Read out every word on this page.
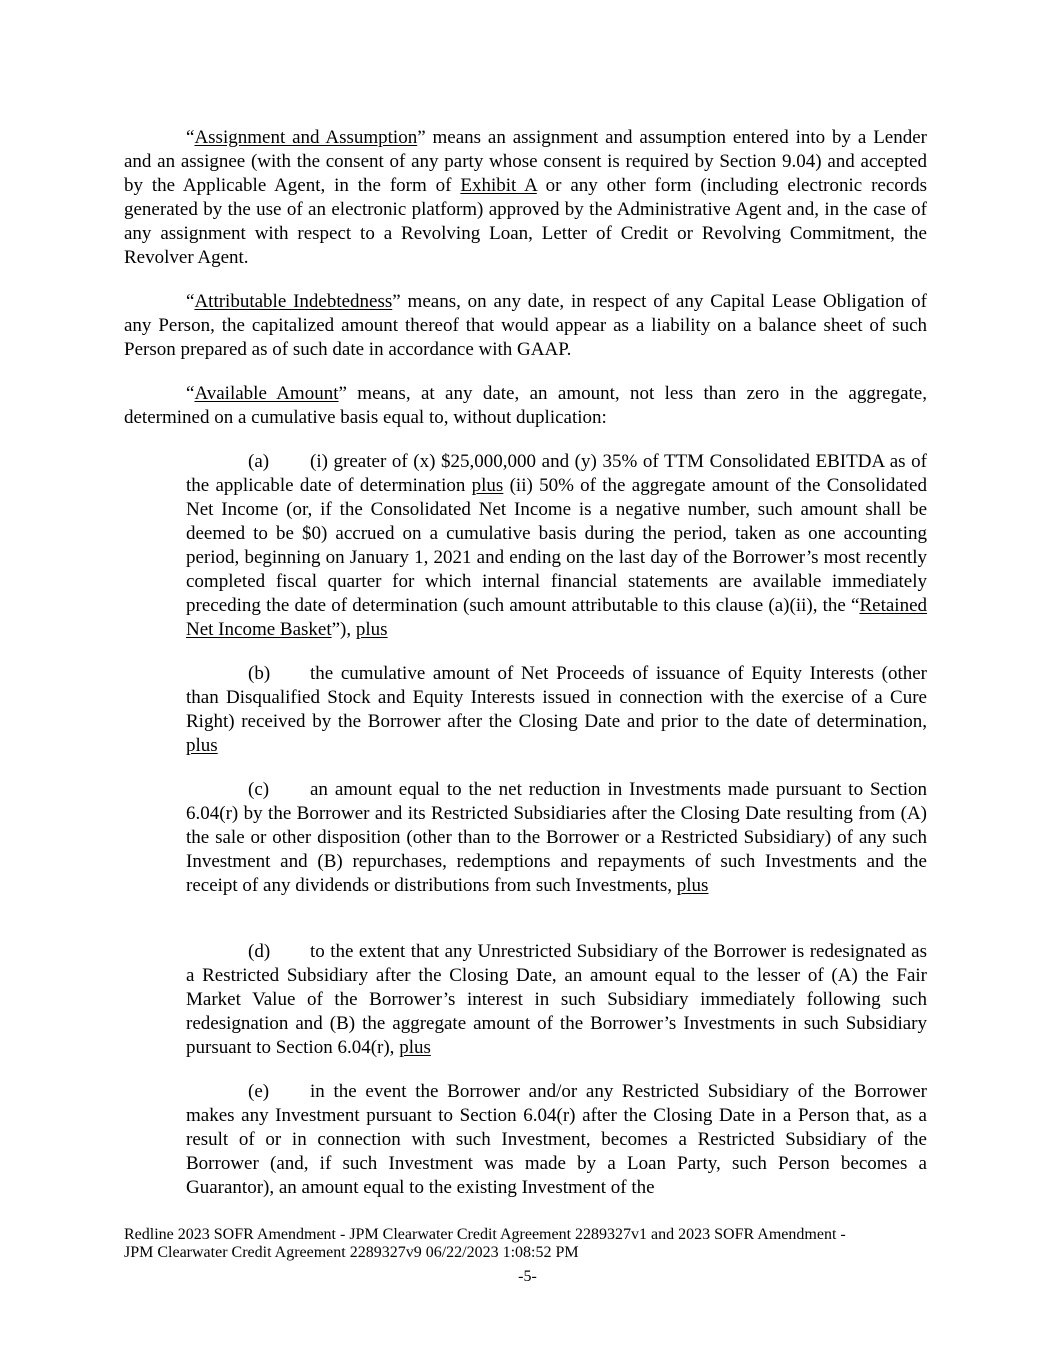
“Assignment and Assumption” means an assignment and assumption entered into by a Lender and an assignee (with the consent of any party whose consent is required by Section 9.04) and accepted by the Applicable Agent, in the form of Exhibit A or any other form (including electronic records generated by the use of an electronic platform) approved by the Administrative Agent and, in the case of any assignment with respect to a Revolving Loan, Letter of Credit or Revolving Commitment, the Revolver Agent.

“Attributable Indebtedness” means, on any date, in respect of any Capital Lease Obligation of any Person, the capitalized amount thereof that would appear as a liability on a balance sheet of such Person prepared as of such date in accordance with GAAP.

“Available Amount” means, at any date, an amount, not less than zero in the aggregate, determined on a cumulative basis equal to, without duplication:

(a) (i) greater of (x) $25,000,000 and (y) 35% of TTM Consolidated EBITDA as of the applicable date of determination plus (ii) 50% of the aggregate amount of the Consolidated Net Income (or, if the Consolidated Net Income is a negative number, such amount shall be deemed to be $0) accrued on a cumulative basis during the period, taken as one accounting period, beginning on January 1, 2021 and ending on the last day of the Borrower’s most recently completed fiscal quarter for which internal financial statements are available immediately preceding the date of determination (such amount attributable to this clause (a)(ii), the “Retained Net Income Basket”), plus

(b) the cumulative amount of Net Proceeds of issuance of Equity Interests (other than Disqualified Stock and Equity Interests issued in connection with the exercise of a Cure Right) received by the Borrower after the Closing Date and prior to the date of determination, plus

(c) an amount equal to the net reduction in Investments made pursuant to Section 6.04(r) by the Borrower and its Restricted Subsidiaries after the Closing Date resulting from (A) the sale or other disposition (other than to the Borrower or a Restricted Subsidiary) of any such Investment and (B) repurchases, redemptions and repayments of such Investments and the receipt of any dividends or distributions from such Investments, plus

(d) to the extent that any Unrestricted Subsidiary of the Borrower is redesignated as a Restricted Subsidiary after the Closing Date, an amount equal to the lesser of (A) the Fair Market Value of the Borrower’s interest in such Subsidiary immediately following such redesignation and (B) the aggregate amount of the Borrower’s Investments in such Subsidiary pursuant to Section 6.04(r), plus

(e) in the event the Borrower and/or any Restricted Subsidiary of the Borrower makes any Investment pursuant to Section 6.04(r) after the Closing Date in a Person that, as a result of or in connection with such Investment, becomes a Restricted Subsidiary of the Borrower (and, if such Investment was made by a Loan Party, such Person becomes a Guarantor), an amount equal to the existing Investment of the

Redline 2023 SOFR Amendment - JPM Clearwater Credit Agreement 2289327v1 and 2023 SOFR Amendment -
JPM Clearwater Credit Agreement 2289327v9 06/22/2023 1:08:52 PM

-5-
